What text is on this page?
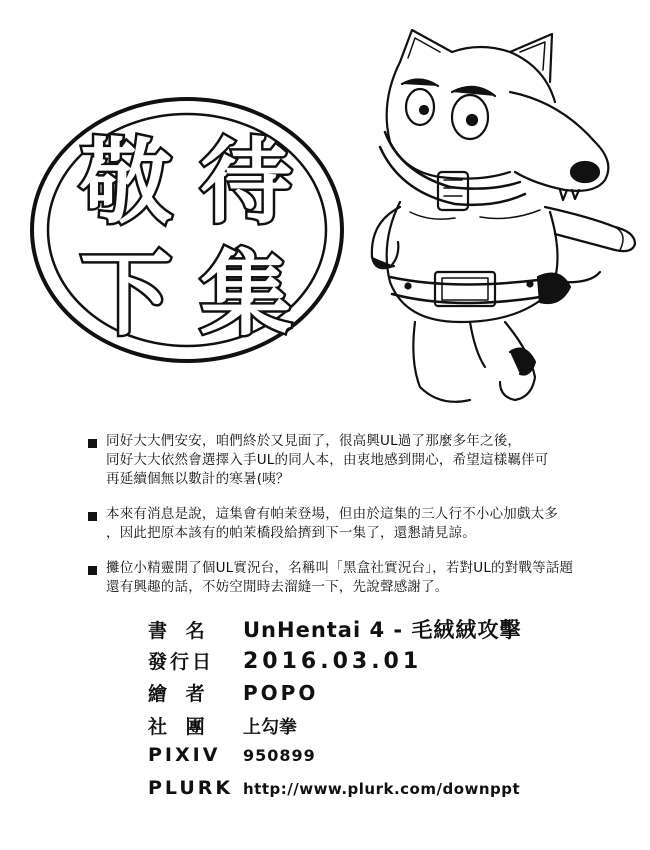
敬 待
下 集
同好大大們安安，咱們終於又見面了，很高興UL過了那麼多年之後，
同好大大依然會選擇入手UL的同人本，由衷地感到開心，希望這樣羈伴可
再延續個無以數計的寒暑(咦？
本來有消息是說，這集會有帕茉登場，但由於這集的三人行不小心加戲太多
，因此把原本該有的帕茉橋段給擠到下一集了，還懇請見諒。
攤位小精靈開了個UL實況台，名稱叫「黑盒社實況台」，若對UL的對戰等話題
還有興趣的話，不妨空閒時去溜縫一下，先說聲感謝了。
書 名	UnHentai 4 - 毛絨絨攻擊
發行日	2016.03.01
繪 者	POPO
社 團	上勾拳
PIXIV	950899
PLURK http://www.plurk.com/downppt
